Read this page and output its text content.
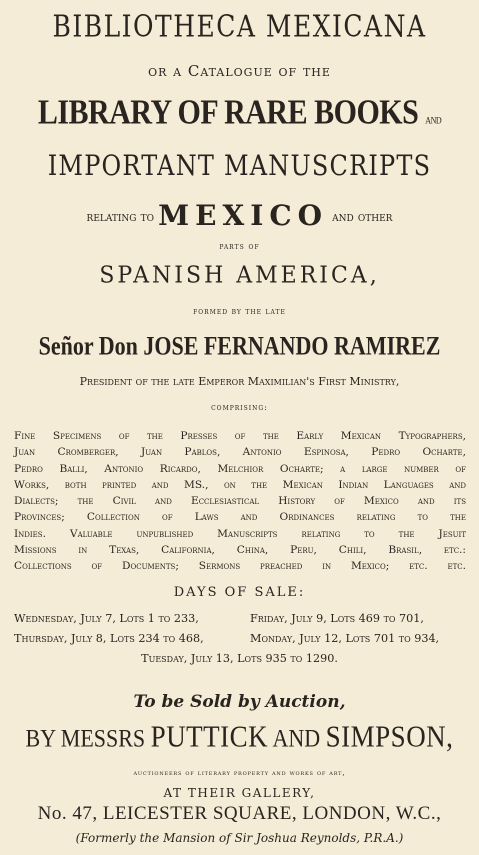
BIBLIOTHECA MEXICANA
or a Catalogue of the
LIBRARY OF RARE BOOKS and
IMPORTANT MANUSCRIPTS
relating to MEXICO and other
parts of
SPANISH AMERICA,
formed by the late
Señor Don JOSE FERNANDO RAMIREZ
President of the late Emperor Maximilian's First Ministry,
comprising:
Fine Specimens of the Presses of the Early Mexican Typographers,
Juan Cromberger, Juan Pablos, Antonio Espinosa, Pedro Ocharte,
Pedro Balli, Antonio Ricardo, Melchior Ocharte; a large number of
Works, both printed and MS., on the Mexican Indian Languages and
Dialects; the Civil and Ecclesiastical History of Mexico and its
Provinces; Collection of Laws and Ordinances relating to the
Indies. Valuable unpublished Manuscripts relating to the Jesuit
Missions in Texas, California, China, Peru, Chili, Brasil, etc.:
Collections of Documents; Sermons preached in Mexico; etc. etc.
DAYS OF SALE:
Wednesday, July 7, Lots 1 to 233,	Friday, July 9, Lots 469 to 701,
Thursday, July 8, Lots 234 to 468,	Monday, July 12, Lots 701 to 934,
Tuesday, July 13, Lots 935 to 1290.
To be Sold by Auction,
BY MESSRS PUTTICK AND SIMPSON,
auctioneers of literary property and works of art,
AT THEIR GALLERY,
No. 47, LEICESTER SQUARE, LONDON, W.C.,
(Formerly the Mansion of Sir Joshua Reynolds, P.R.A.)
